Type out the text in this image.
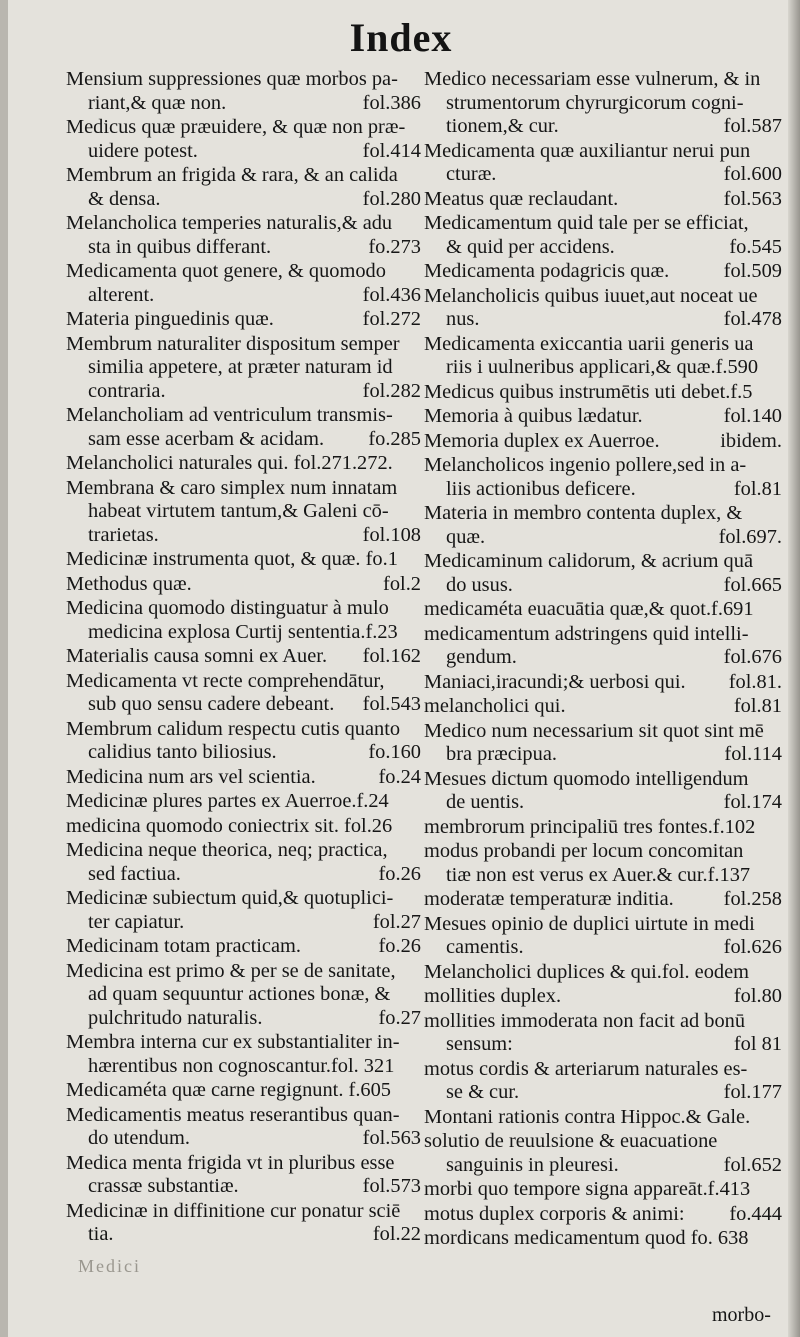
Index
Mensium suppressiones quæ morbos pa-
fol.386
riant,& quæ non.
Medicus quæ præuidere, & quæ non præ-
fol.414
uidere potest.
Membrum an frigida & rara, & an calida
fol.280
& densa.
Melancholica temperies naturalis,& adu
fo.273
sta in quibus differant.
Medicamenta quot genere, & quomodo
fol.436
alterent.
fol.272
Materia pinguedinis quæ.
Membrum naturaliter dispositum semper
similia appetere, at præter naturam id
fol.282
contraria.
Melancholiam ad ventriculum transmis-
fo.285
sam esse acerbam & acidam.
Melancholici naturales qui. fol.271.272.
Membrana & caro simplex num innatam
habeat virtutem tantum,& Galeni cō-
fol.108
trarietas.
Medicinæ instrumenta quot, & quæ. fo.1
fol.2
Methodus quæ.
Medicina quomodo distinguatur à mulo
medicina explosa Curtij sententia.f.23
fol.162
Materialis causa somni ex Auer.
Medicamenta vt recte comprehendātur,
fol.543
sub quo sensu cadere debeant.
Membrum calidum respectu cutis quanto
fo.160
calidius tanto biliosius.
fo.24
Medicina num ars vel scientia.
Medicinæ plures partes ex Auerroe.f.24
medicina quomodo coniectrix sit. fol.26
Medicina neque theorica, neq; practica,
fo.26
sed factiua.
Medicinæ subiectum quid,& quotuplici-
fol.27
ter capiatur.
fo.26
Medicinam totam practicam.
Medicina est primo & per se de sanitate,
ad quam sequuntur actiones bonæ, &
fo.27
pulchritudo naturalis.
Membra interna cur ex substantialiter in-
hærentibus non cognoscantur.fol. 321
Medicaméta quæ carne regignunt. f.605
Medicamentis meatus reserantibus quan-
fol.563
do utendum.
Medica menta frigida vt in pluribus esse
fol.573
crassæ substantiæ.
Medicinæ in diffinitione cur ponatur sciē
fol.22
tia.
Medico necessariam esse vulnerum, & in
strumentorum chyrurgicorum cogni-
fol.587
tionem,& cur.
Medicamenta quæ auxiliantur nerui pun
fol.600
cturæ.
fol.563
Meatus quæ reclaudant.
Medicamentum quid tale per se efficiat,
fo.545
& quid per accidens.
fol.509
Medicamenta podagricis quæ.
Melancholicis quibus iuuet,aut noceat ue
fol.478
nus.
Medicamenta exiccantia uarii generis ua
riis i uulneribus applicari,& quæ.f.590
Medicus quibus instrumētis uti debet.f.5
fol.140
Memoria à quibus lædatur.
ibidem.
Memoria duplex ex Auerroe.
Melancholicos ingenio pollere,sed in a-
fol.81
liis actionibus deficere.
Materia in membro contenta duplex, &
fol.697.
quæ.
Medicaminum calidorum, & acrium quā
fol.665
do usus.
medicaméta euacuātia quæ,& quot.f.691
medicamentum adstringens quid intelli-
fol.676
gendum.
fol.81.
Maniaci,iracundi;& uerbosi qui.
fol.81
melancholici qui.
Medico num necessarium sit quot sint mē
fol.114
bra præcipua.
Mesues dictum quomodo intelligendum
fol.174
de uentis.
membrorum principaliū tres fontes.f.102
modus probandi per locum concomitan
tiæ non est verus ex Auer.& cur.f.137
fol.258
moderatæ temperaturæ inditia.
Mesues opinio de duplici uirtute in medi
fol.626
camentis.
Melancholici duplices & qui.fol. eodem
fol.80
mollities duplex.
mollities immoderata non facit ad bonū
fol 81
sensum:
motus cordis & arteriarum naturales es-
fol.177
se & cur.
Montani rationis contra Hippoc.& Gale.
solutio de reuulsione & euacuatione
fol.652
sanguinis in pleuresi.
morbi quo tempore signa appareāt.f.413
fo.444
motus duplex corporis & animi:
mordicans medicamentum quod fo. 638
Medici
morbo-
